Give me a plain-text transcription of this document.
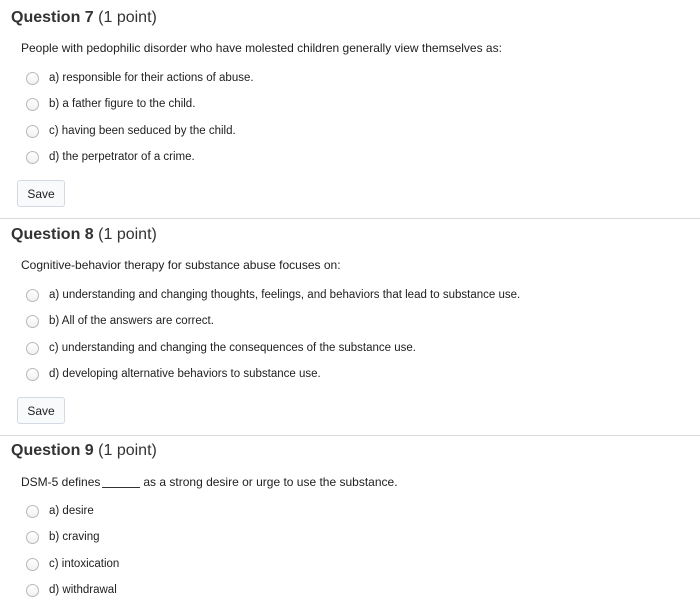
Question 7 (1 point)
People with pedophilic disorder who have molested children generally view themselves as:
a) responsible for their actions of abuse.
b) a father figure to the child.
c) having been seduced by the child.
d) the perpetrator of a crime.
Save
Question 8 (1 point)
Cognitive-behavior therapy for substance abuse focuses on:
a) understanding and changing thoughts, feelings, and behaviors that lead to substance use.
b) All of the answers are correct.
c) understanding and changing the consequences of the substance use.
d) developing alternative behaviors to substance use.
Save
Question 9 (1 point)
DSM-5 defines	as a strong desire or urge to use the substance.
a) desire
b) craving
c) intoxication
d) withdrawal
